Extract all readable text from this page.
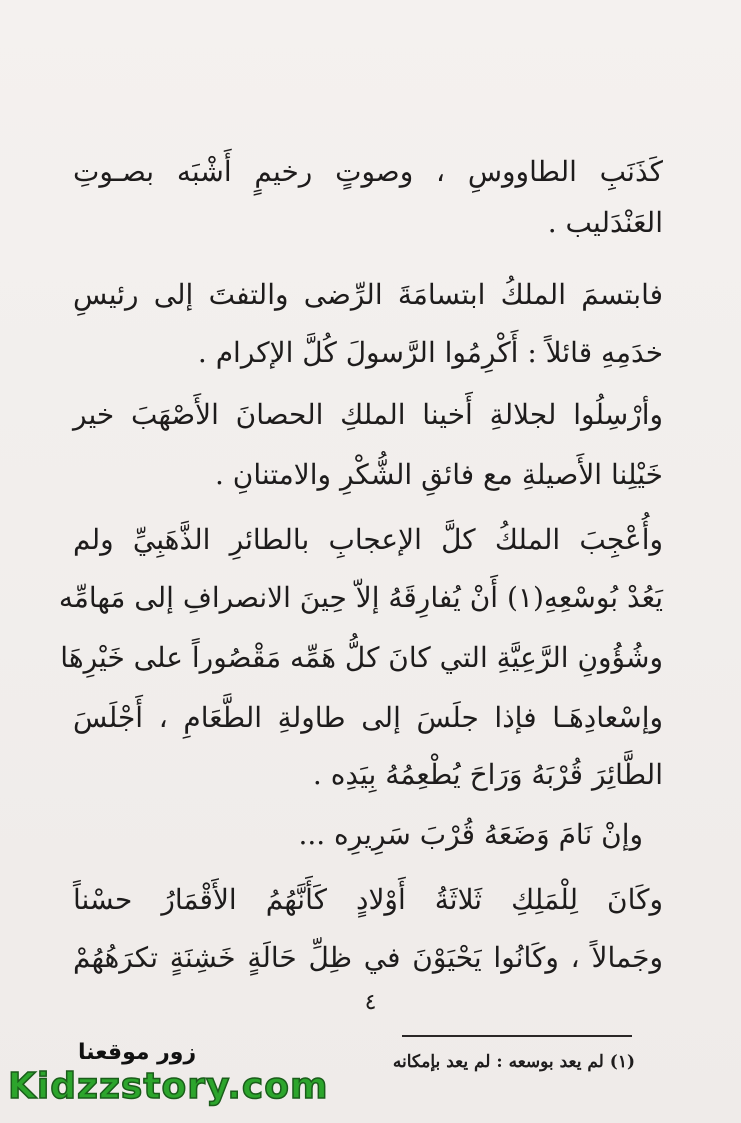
كَذَنَبِ الطاووسِ ، وصوتٍ رخيمٍ أَشْبَه بصـوتِ
العَنْدَليب .
فابتسمَ الملكُ ابتسامَةَ الرِّضى والتفتَ إلى رئيسِ
خدَمِهِ قائلاً : أَكْرِمُوا الرَّسولَ كُلَّ الإكرام .
وأرْسِلُوا لجلالةِ أَخينا الملكِ الحصانَ الأَصْهَبَ خير
خَيْلِنا الأَصيلةِ مع فائقِ الشُّكْرِ والامتنانِ .
وأُعْجِبَ الملكُ كلَّ الإعجابِ بالطائرِ الذَّهَبِيِّ ولم
يَعُدْ بُوسْعِهِ(١) أَنْ يُفارِقَهُ إلاّ حِينَ الانصرافِ إلى مَهامِّه
وشُؤُونِ الرَّعِيَّةِ التي كانَ كلُّ هَمِّه مَقْصُوراً على خَيْرِهَا
وإسْعادِهَـا فإذا جلَسَ إلى طاولةِ الطَّعَامِ ، أَجْلَسَ
الطَّائِرَ قُرْبَهُ وَرَاحَ يُطْعِمُهُ بِيَدِه .
وإنْ نَامَ وَضَعَهُ قُرْبَ سَرِيرِه ...
وكَانَ لِلْمَلِكِ ثَلاثَةُ أَوْلادٍ كَأَنَّهُمُ الأَقْمَارُ حسْناً
وجَمالاً ، وكَانُوا يَحْيَوْنَ في ظِلِّ حَالَةٍ خَشِنَةٍ تكرَهُهُمْ
٤
(١) لم يعد بوسعه : لم يعد بإمكانه
زور موقعنا
Kidzzstory.com
